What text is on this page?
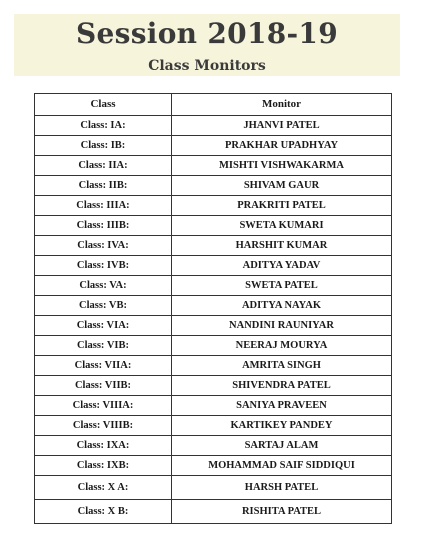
Session 2018-19
Class Monitors
Class	Monitor
Class: IA:	JHANVI PATEL
Class: IB:	PRAKHAR UPADHYAY
Class: IIA:	MISHTI VISHWAKARMA
Class: IIB:	SHIVAM GAUR
Class: IIIA:	PRAKRITI PATEL
Class: IIIB:	SWETA KUMARI
Class: IVA:	HARSHIT KUMAR
Class: IVB:	ADITYA YADAV
Class: VA:	SWETA PATEL
Class: VB:	ADITYA NAYAK
Class: VIA:	NANDINI RAUNIYAR
Class: VIB:	NEERAJ MOURYA
Class: VIIA:	AMRITA SINGH
Class: VIIB:	SHIVENDRA PATEL
Class: VIIIA:	SANIYA PRAVEEN
Class: VIIIB:	KARTIKEY PANDEY
Class: IXA:	SARTAJ ALAM
Class: IXB:	MOHAMMAD SAIF SIDDIQUI
Class: X A:	HARSH PATEL
Class: X B:	RISHITA PATEL
